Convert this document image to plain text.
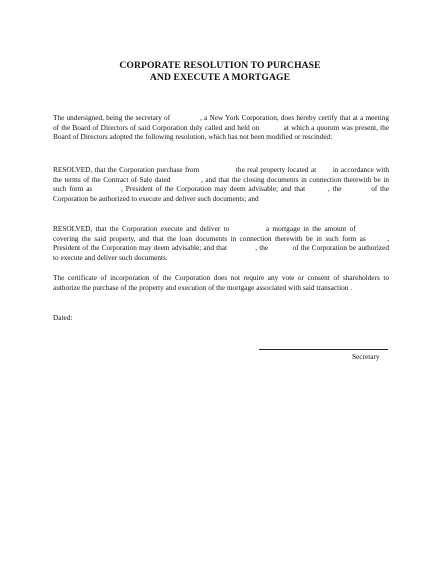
CORPORATE RESOLUTION TO PURCHASE
AND EXECUTE A MORTGAGE

The undersigned, being the secretary of	, a New York Corporation, does hereby certify that at a meeting of the Board of Directors of said Corporation duly called and held on	at which a quorum was present, the Board of Directors adopted the following resolution, which has not been modified or rescinded:

RESOLVED, that the Corporation purchase from	the real property located at in accordance with the terms of the Contract of Sale dated	, and that the closing documents in connection therewith be in such form as	, President of the Corporation may deem advisable; and that	, the	of the Corporation be authorized to execute and deliver such documents; and

RESOLVED, that the Corporation execute and deliver to	a mortgage in the amount of  covering the said property, and that the loan documents in connection therewith be in such form as	, President of the Corporation may deem advisable; and that	, the	of the Corporation be authorized to execute and deliver such documents.

The certificate of incorporation of the Corporation does not require any vote or consent of shareholders to authorize the purchase of the property and execution of the mortgage associated with said transaction .

Dated:
Secretary
